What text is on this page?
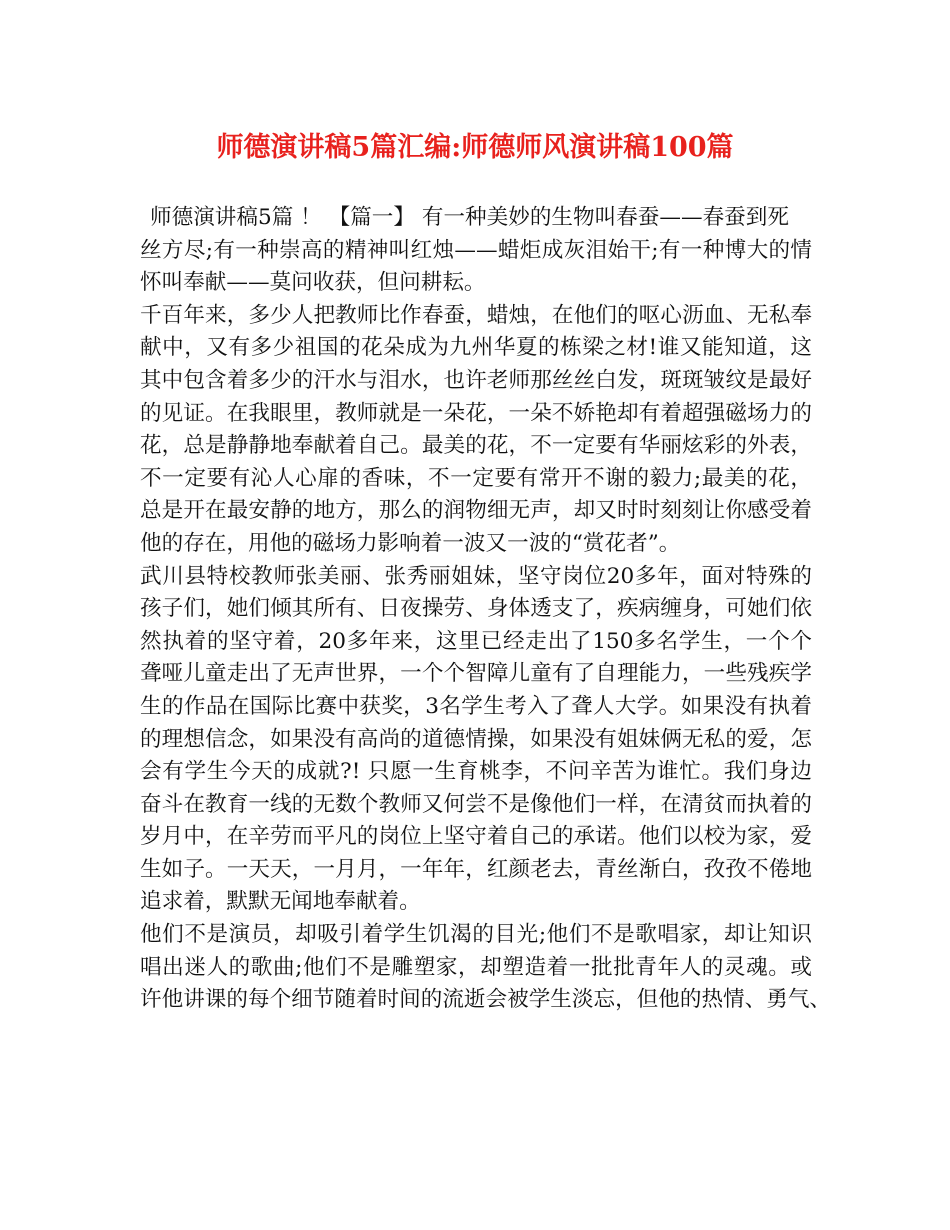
师德演讲稿5篇汇编:师德师风演讲稿100篇
师德演讲稿5篇 ！ 【篇一】 有一种美妙的生物叫春蚕——春蚕到死
丝方尽;有一种崇高的精神叫红烛——蜡炬成灰泪始干;有一种博大的情
怀叫奉献——莫问收获，但问耕耘。
千百年来，多少人把教师比作春蚕，蜡烛，在他们的呕心沥血、无私奉
献中，又有多少祖国的花朵成为九州华夏的栋梁之材!谁又能知道，这
其中包含着多少的汗水与泪水，也许老师那丝丝白发，斑斑皱纹是最好
的见证。在我眼里，教师就是一朵花，一朵不娇艳却有着超强磁场力的
花，总是静静地奉献着自己。最美的花，不一定要有华丽炫彩的外表，
不一定要有沁人心扉的香味，不一定要有常开不谢的毅力;最美的花，
总是开在最安静的地方，那么的润物细无声，却又时时刻刻让你感受着
他的存在，用他的磁场力影响着一波又一波的“赏花者”。
武川县特校教师张美丽、张秀丽姐妹，坚守岗位20多年，面对特殊的
孩子们，她们倾其所有、日夜操劳、身体透支了，疾病缠身，可她们依
然执着的坚守着，20多年来，这里已经走出了150多名学生，一个个
聋哑儿童走出了无声世界，一个个智障儿童有了自理能力，一些残疾学
生的作品在国际比赛中获奖，3名学生考入了聋人大学。如果没有执着
的理想信念，如果没有高尚的道德情操，如果没有姐妹俩无私的爱，怎
会有学生今天的成就?! 只愿一生育桃李，不问辛苦为谁忙。我们身边
奋斗在教育一线的无数个教师又何尝不是像他们一样，在清贫而执着的
岁月中，在辛劳而平凡的岗位上坚守着自己的承诺。他们以校为家，爱
生如子。一天天，一月月，一年年，红颜老去，青丝渐白，孜孜不倦地
追求着，默默无闻地奉献着。
他们不是演员，却吸引着学生饥渴的目光;他们不是歌唱家，却让知识
唱出迷人的歌曲;他们不是雕塑家，却塑造着一批批青年人的灵魂。或
许他讲课的每个细节随着时间的流逝会被学生淡忘，但他的热情、勇气、
